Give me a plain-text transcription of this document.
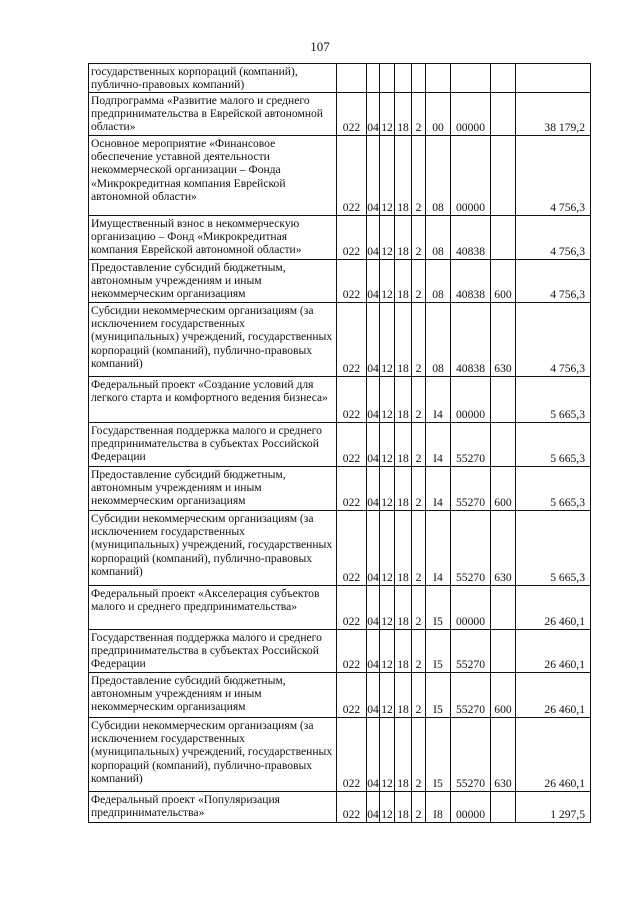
107
государственных корпораций (компаний), публично-правовых компаний)									
Подпрограмма «Развитие малого и среднего предпринимательства в Еврейской автономной области»	022	04	12	18	2	00	00000		38 179,2
Основное мероприятие «Финансовое обеспечение уставной деятельности некоммерческой организации – Фонда «Микрокредитная компания Еврейской автономной области»	022	04	12	18	2	08	00000		4 756,3
Имущественный взнос в некоммерческую организацию – Фонд «Микрокредитная компания Еврейской автономной области»	022	04	12	18	2	08	40838		4 756,3
Предоставление субсидий бюджетным, автономным учреждениям и иным некоммерческим организациям	022	04	12	18	2	08	40838	600	4 756,3
Субсидии некоммерческим организациям (за исключением государственных (муниципальных) учреждений, государственных корпораций (компаний), публично-правовых компаний)	022	04	12	18	2	08	40838	630	4 756,3
Федеральный проект «Создание условий для легкого старта и комфортного ведения бизнеса»	022	04	12	18	2	I4	00000		5 665,3
Государственная поддержка малого и среднего предпринимательства в субъектах Российской Федерации	022	04	12	18	2	I4	55270		5 665,3
Предоставление субсидий бюджетным, автономным учреждениям и иным некоммерческим организациям	022	04	12	18	2	I4	55270	600	5 665,3
Субсидии некоммерческим организациям (за исключением государственных (муниципальных) учреждений, государственных корпораций (компаний), публично-правовых компаний)	022	04	12	18	2	I4	55270	630	5 665,3
Федеральный проект «Акселерация субъектов малого и среднего предпринимательства»	022	04	12	18	2	I5	00000		26 460,1
Государственная поддержка малого и среднего предпринимательства в субъектах Российской Федерации	022	04	12	18	2	I5	55270		26 460,1
Предоставление субсидий бюджетным, автономным учреждениям и иным некоммерческим организациям	022	04	12	18	2	I5	55270	600	26 460,1
Субсидии некоммерческим организациям (за исключением государственных (муниципальных) учреждений, государственных корпораций (компаний), публично-правовых компаний)	022	04	12	18	2	I5	55270	630	26 460,1
Федеральный проект «Популяризация предпринимательства»	022	04	12	18	2	I8	00000		1 297,5
